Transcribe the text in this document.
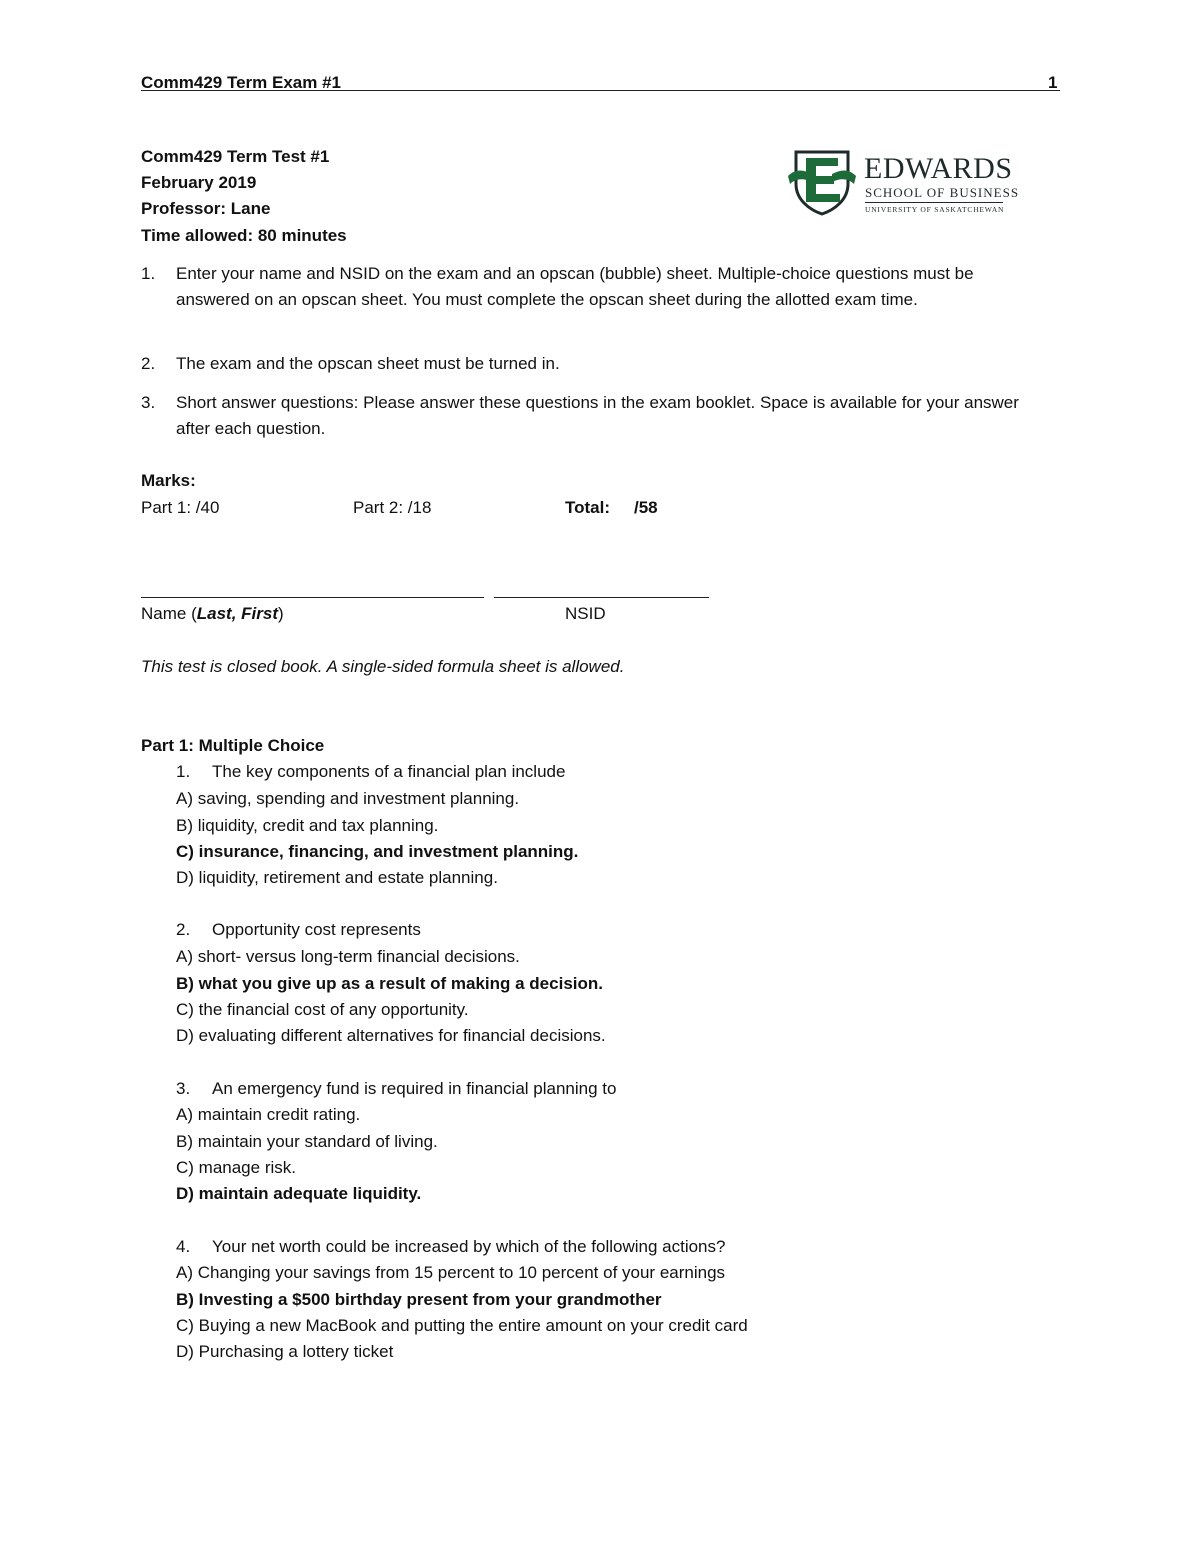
Comm429 Term Exam #1	1
Comm429 Term Test #1
February 2019
Professor: Lane
Time allowed: 80 minutes
EDWARDS
SCHOOL OF BUSINESS
UNIVERSITY OF SASKATCHEWAN
1. Enter your name and NSID on the exam and an opscan (bubble) sheet. Multiple-choice questions must be answered on an opscan sheet. You must complete the opscan sheet during the allotted exam time.
2. The exam and the opscan sheet must be turned in.
3. Short answer questions: Please answer these questions in the exam booklet. Space is available for your answer after each question.
Marks:
Part 1: /40	Part 2: /18	Total: /58
Name (Last, First)	NSID
This test is closed book. A single-sided formula sheet is allowed.
Part 1: Multiple Choice
1. The key components of a financial plan include
A) saving, spending and investment planning.
B) liquidity, credit and tax planning.
C) insurance, financing, and investment planning.
D) liquidity, retirement and estate planning.
2. Opportunity cost represents
A) short- versus long-term financial decisions.
B) what you give up as a result of making a decision.
C) the financial cost of any opportunity.
D) evaluating different alternatives for financial decisions.
3. An emergency fund is required in financial planning to
A) maintain credit rating.
B) maintain your standard of living.
C) manage risk.
D) maintain adequate liquidity.
4. Your net worth could be increased by which of the following actions?
A) Changing your savings from 15 percent to 10 percent of your earnings
B) Investing a $500 birthday present from your grandmother
C) Buying a new MacBook and putting the entire amount on your credit card
D) Purchasing a lottery ticket
